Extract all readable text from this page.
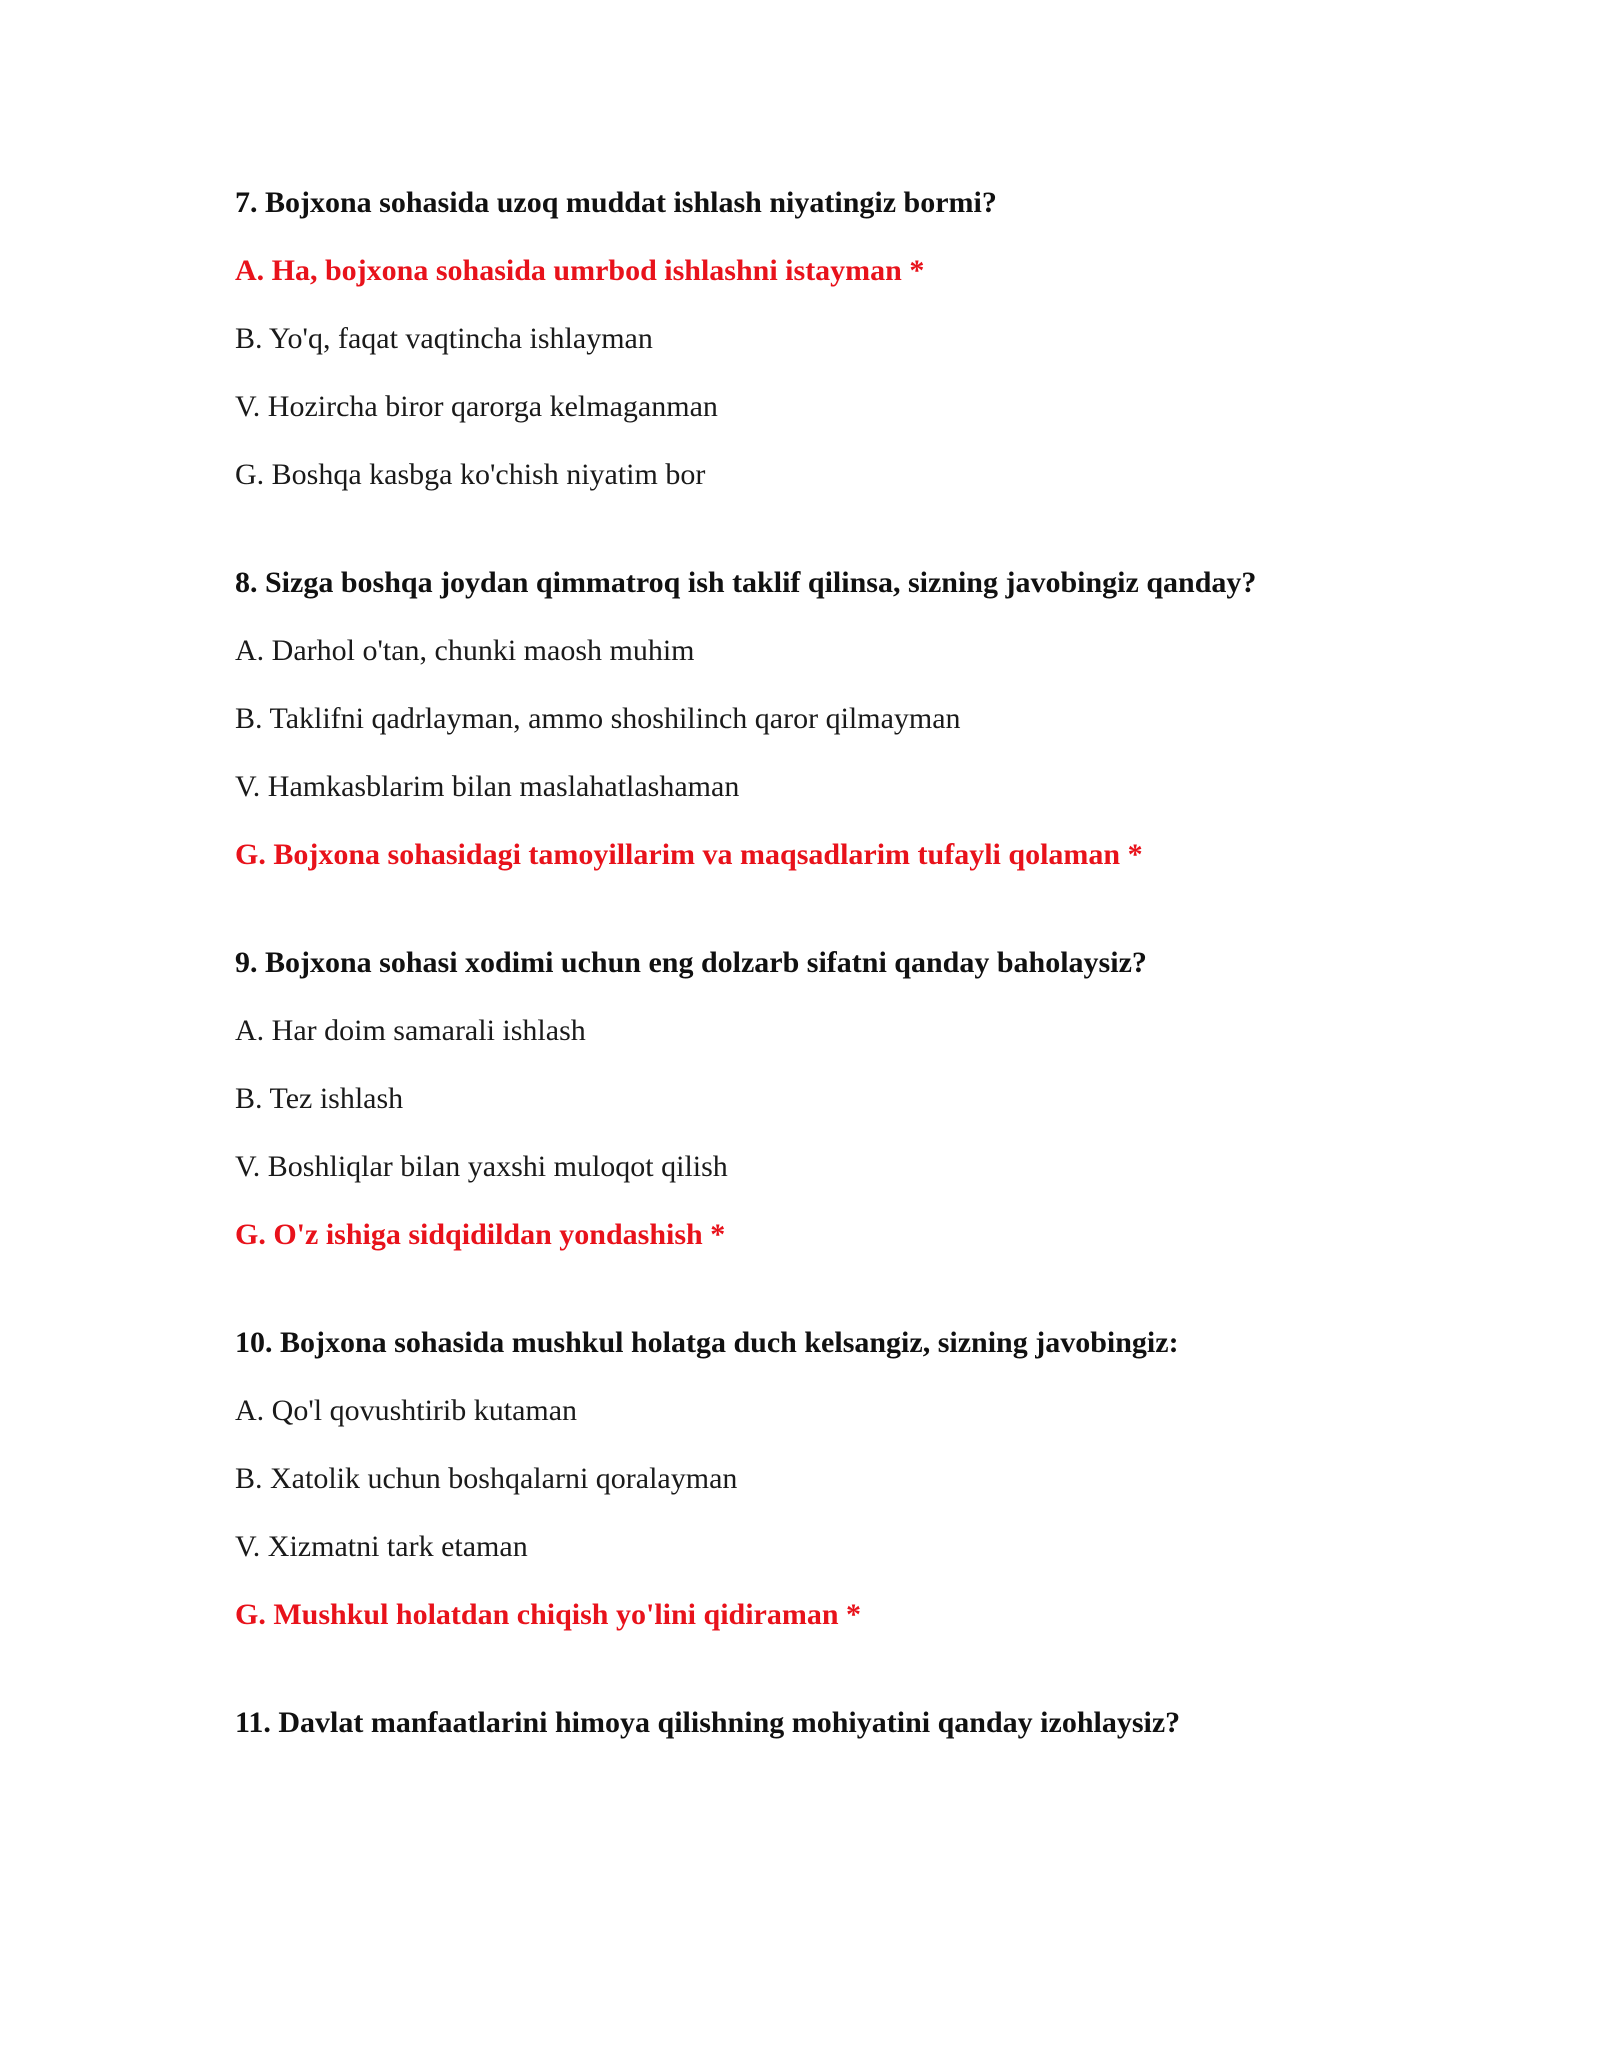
7. Bojxona sohasida uzoq muddat ishlash niyatingiz bormi?
A. Ha, bojxona sohasida umrbod ishlashni istayman *
B. Yo'q, faqat vaqtincha ishlayman
V. Hozircha biror qarorga kelmaganman
G. Boshqa kasbga ko'chish niyatim bor
8. Sizga boshqa joydan qimmatroq ish taklif qilinsa, sizning javobingiz qanday?
A. Darhol o'tan, chunki maosh muhim
B. Taklifni qadrlayman, ammo shoshilinch qaror qilmayman
V. Hamkasblarim bilan maslahatlashaman
G. Bojxona sohasidagi tamoyillarim va maqsadlarim tufayli qolaman *
9. Bojxona sohasi xodimi uchun eng dolzarb sifatni qanday baholaysiz?
A. Har doim samarali ishlash
B. Tez ishlash
V. Boshliqlar bilan yaxshi muloqot qilish
G. O'z ishiga sidqidildan yondashish *
10. Bojxona sohasida mushkul holatga duch kelsangiz, sizning javobingiz:
A. Qo'l qovushtirib kutaman
B. Xatolik uchun boshqalarni qoralayman
V. Xizmatni tark etaman
G. Mushkul holatdan chiqish yo'lini qidiraman *
11. Davlat manfaatlarini himoya qilishning mohiyatini qanday izohlaysiz?
